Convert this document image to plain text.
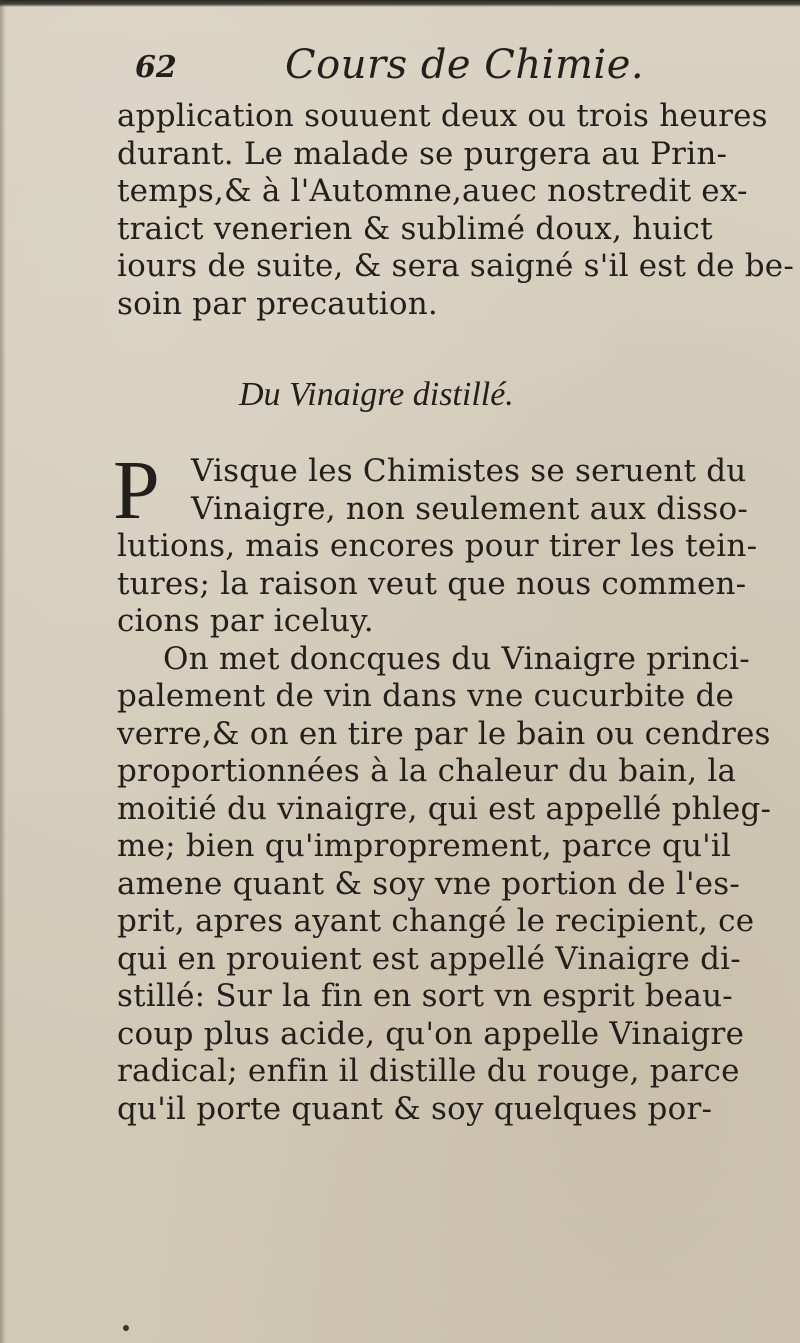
62	Cours de Chimie.
application souuent deux ou trois heures
durant. Le malade se purgera au Prin-
temps,& à l'Automne,auec nostredit ex-
traict venerien & sublimé doux, huict
iours de suite, & sera saigné s'il est de be-
soin par precaution.
Du Vinaigre distillé.
P	Visque les Chimistes se seruent du
Vinaigre, non seulement aux disso-
lutions, mais encores pour tirer les tein-
tures; la raison veut que nous commen-
cions par iceluy.
On met doncques du Vinaigre princi-
palement de vin dans vne cucurbite de
verre,& on en tire par le bain ou cendres
proportionnées à la chaleur du bain, la
moitié du vinaigre, qui est appellé phleg-
me; bien qu'improprement, parce qu'il
amene quant & soy vne portion de l'es-
prit, apres ayant changé le recipient, ce
qui en prouient est appellé Vinaigre di-
stillé: Sur la fin en sort vn esprit beau-
coup plus acide, qu'on appelle Vinaigre
radical; enfin il distille du rouge, parce
qu'il porte quant & soy quelques por-
